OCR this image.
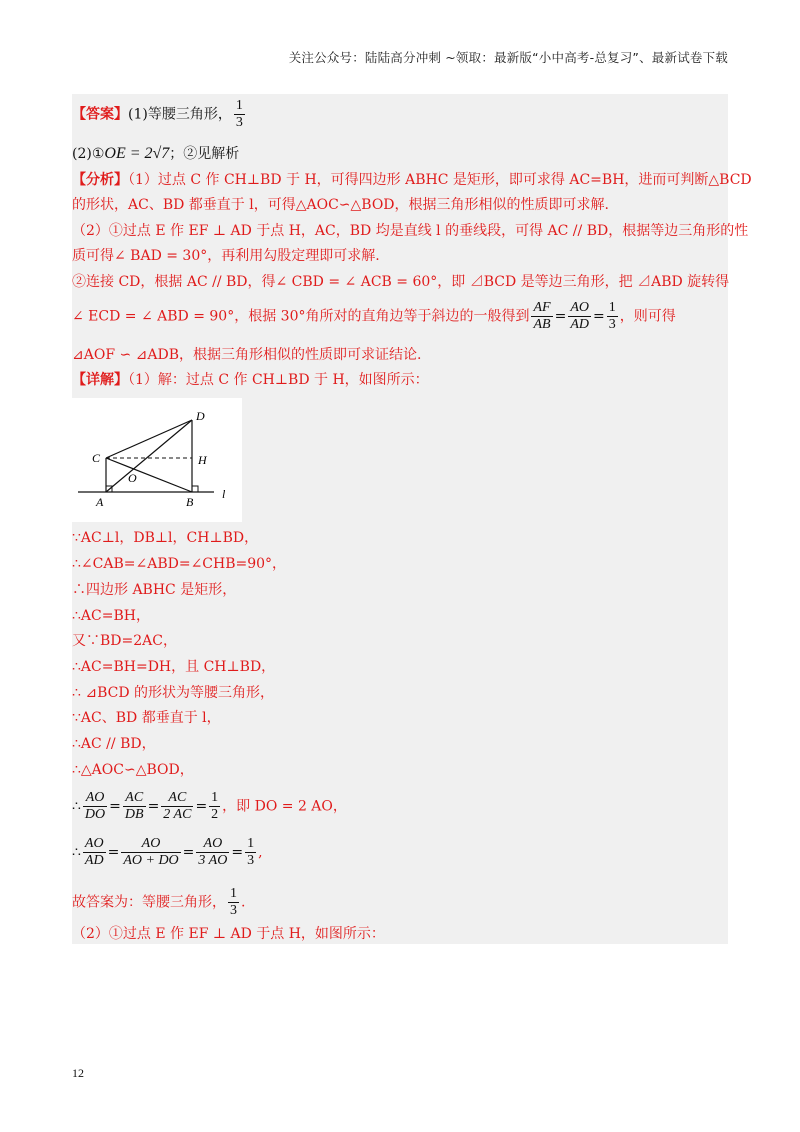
关注公众号：陆陆高分冲刺 ~领取：最新版“小中高考-总复习”、最新试卷下载
【答案】(1)等腰三角形， $\frac{1}{3}$
(2)①OE = 2√7；②见解析
【分析】（1）过点 C 作 CH⊥BD 于 H，可得四边形 ABHC 是矩形，即可求得 AC=BH，进而可判断△BCD
的形状，AC、BD 都垂直于 l，可得△AOC∽△BOD，根据三角形相似的性质即可求解.
（2）①过点 E 作 EF ⊥ AD 于点 H，AC，BD 均是直线 l 的垂线段，可得 AC // BD，根据等边三角形的性
质可得∠ BAD = 30°，再利用勾股定理即可求解.
②连接 CD，根据 AC // BD，得∠ CBD = ∠ ACB = 60°，即 ⊿BCD 是等边三角形，把 ⊿ABD 旋转得
∠ ECD = ∠ ABD = 90°，根据 30°角所对的直角边等于斜边的一般得到 $\frac{AF}{AB} = \frac{AO}{AD} = \frac{1}{3}$ ，则可得
⊿AOF ∽ ⊿ADB，根据三角形相似的性质即可求证结论.
【详解】（1）解：过点 C 作 CH⊥BD 于 H，如图所示：
C
D
H
O
A	B
l
∵AC⊥l，DB⊥l，CH⊥BD，
∴∠CAB=∠ABD=∠CHB=90°，
∴四边形 ABHC 是矩形，
∴AC=BH，
又∵BD=2AC，
∴AC=BH=DH，且 CH⊥BD，
∴ ⊿BCD 的形状为等腰三角形，
∵AC、BD 都垂直于 l，
∴AC // BD，
∴△AOC∽△BOD，
∴ $\frac{AO}{DO} = \frac{AC}{DB} = \frac{AC}{2 AC} = \frac{1}{2}$ ，即 DO = 2 AO，
∴ $\frac{AO}{AD} = \frac{AO}{AO + DO} = \frac{AO}{3 AO} = \frac{1}{3}$ ,
故答案为：等腰三角形， $\frac{1}{3}$ .
（2）①过点 E 作 EF ⊥ AD 于点 H，如图所示：
12
